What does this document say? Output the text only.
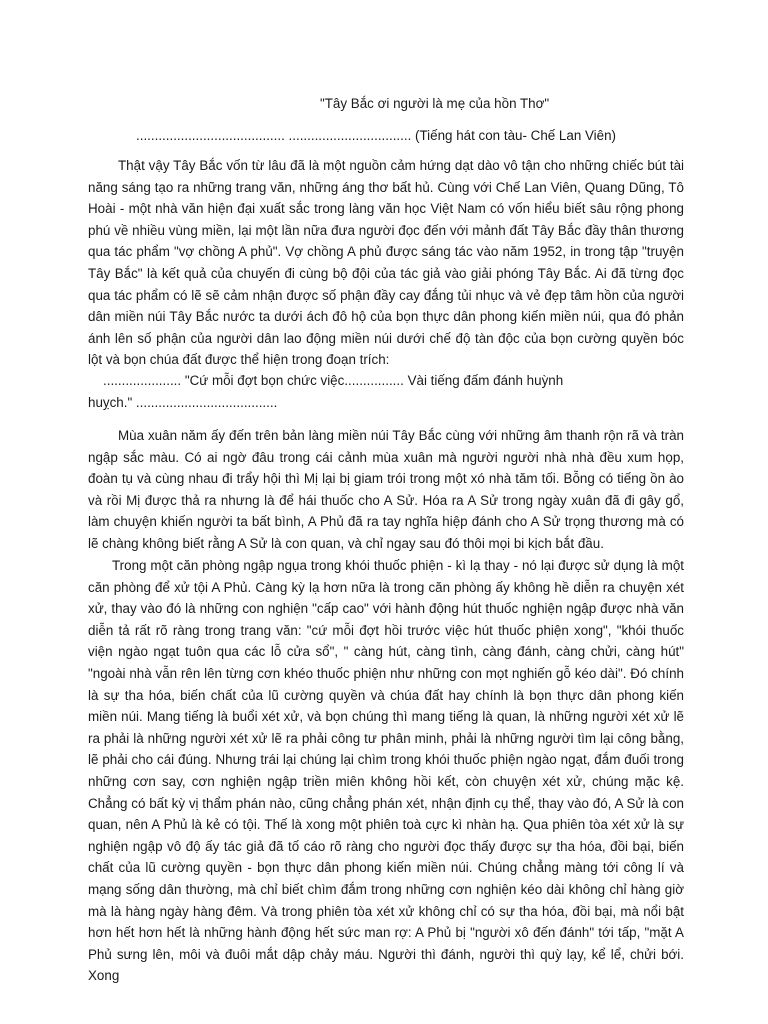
"Tây Bắc ơi người là mẹ của hồn Thơ"

........................................ ................................. (Tiếng hát con tàu- Chế Lan Viên)

Thật vậy Tây Bắc vốn từ lâu đã là một nguồn cảm hứng dạt dào vô tận cho những chiếc bút tài năng sáng tạo ra những trang văn, những áng thơ bất hủ. Cùng với Chế Lan Viên, Quang Dũng, Tô Hoài - một nhà văn hiện đại xuất sắc trong làng văn học Việt Nam có vốn hiểu biết sâu rộng phong phú về nhiều vùng miền, lại một lần nữa đưa người đọc đến với mảnh đất Tây Bắc đầy thân thương qua tác phẩm "vợ chồng A phủ". Vợ chồng A phủ được sáng tác vào năm 1952, in trong tập "truyện Tây Bắc" là kết quả của chuyến đi cùng bộ đội của tác giả vào giải phóng Tây Bắc. Ai đã từng đọc qua tác phẩm có lẽ sẽ cảm nhận được số phận đầy cay đắng tủi nhục và vẻ đẹp tâm hồn của người dân miền núi Tây Bắc nước ta dưới ách đô hộ của bọn thực dân phong kiến miền núi, qua đó phản ánh lên số phận của người dân lao động miền núi dưới chế độ tàn độc của bọn cường quyền bóc lột và bọn chúa đất được thể hiện trong đoạn trích:

..................... "Cứ mỗi đợt bọn chức việc................ Vài tiếng đấm đánh huỳnh
huỵch." ......................................

Mùa xuân năm ấy đến trên bản làng miền núi Tây Bắc cùng với những âm thanh rộn rã và tràn ngập sắc màu. Có ai ngờ đâu trong cái cảnh mùa xuân mà người người nhà nhà đều xum họp, đoàn tụ và cùng nhau đi trẩy hội thì Mị lại bị giam trói trong một xó nhà tăm tối. Bỗng có tiếng ồn ào và rồi Mị được thả ra nhưng là để hái thuốc cho A Sử. Hóa ra A Sử trong ngày xuân đã đi gây gổ, làm chuyện khiến người ta bất bình, A Phủ đã ra tay nghĩa hiệp đánh cho A Sử trọng thương mà có lẽ chàng không biết rằng A Sử là con quan, và chỉ ngay sau đó thôi mọi bi kịch bắt đầu.

Trong một căn phòng ngập ngụa trong khói thuốc phiện - kì lạ thay - nó lại được sử dụng là một căn phòng để xử tội A Phủ. Càng kỳ lạ hơn nữa là trong căn phòng ấy không hề diễn ra chuyện xét xử, thay vào đó là những con nghiện "cấp cao" với hành động hút thuốc nghiện ngập được nhà văn diễn tả rất rõ ràng trong trang văn: "cứ mỗi đợt hồi trước việc hút thuốc phiện xong", "khói thuốc viện ngào ngạt tuôn qua các lỗ cửa sổ", " càng hút, càng tình, càng đánh, càng chửi, càng hút" "ngoài nhà vẫn rên lên từng cơn khéo thuốc phiện như những con mọt nghiến gỗ kéo dài". Đó chính là sự tha hóa, biến chất của lũ cường quyền và chúa đất hay chính là bọn thực dân phong kiến miền núi. Mang tiếng là buổi xét xử, và bọn chúng thì mang tiếng là quan, là những người xét xử lẽ ra phải là những người xét xử lẽ ra phải công tư phân minh, phải là những người tìm lại công bằng, lẽ phải cho cái đúng. Nhưng trái lại chúng lại chìm trong khói thuốc phiện ngào ngạt, đắm đuối trong những cơn say, cơn nghiện ngập triền miên không hồi kết, còn chuyện xét xử, chúng mặc kệ. Chẳng có bất kỳ vị thẩm phán nào, cũng chẳng phán xét, nhận định cụ thể, thay vào đó, A Sử là con quan, nên A Phủ là kẻ có tội. Thế là xong một phiên toà cực kì nhàn hạ. Qua phiên tòa xét xử là sự nghiện ngập vô độ ấy tác giả đã tố cáo rõ ràng cho người đọc thấy được sự tha hóa, đồi bại, biến chất của lũ cường quyền - bọn thực dân phong kiến miền núi. Chúng chẳng màng tới công lí và mạng sống dân thường, mà chỉ biết chìm đắm trong những cơn nghiện kéo dài không chỉ hàng giờ mà là hàng ngày hàng đêm. Và trong phiên tòa xét xử không chỉ có sự tha hóa, đồi bại, mà nổi bật hơn hết hơn hết là những hành động hết sức man rợ: A Phủ bị "người xô đến đánh" tới tấp, "mặt A Phủ sưng lên, môi và đuôi mắt dập chảy máu. Người thì đánh, người thì quỳ lạy, kể lể, chửi bới. Xong
